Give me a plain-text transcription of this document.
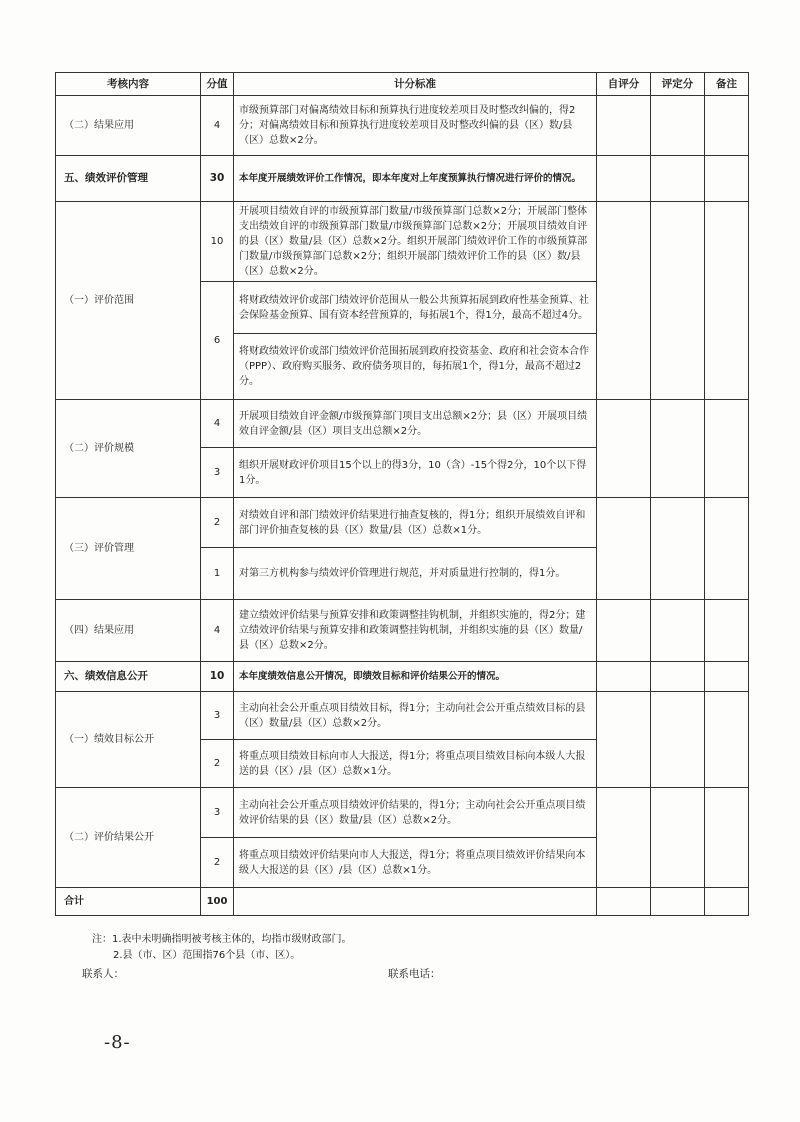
考核内容	分值	计分标准	自评分	评定分	备注
（二）结果应用	4	市级预算部门对偏离绩效目标和预算执行进度较差项目及时整改纠偏的，得2分；对偏离绩效目标和预算执行进度较差项目及时整改纠偏的县（区）数/县（区）总数×2分。			
五、绩效评价管理	30	本年度开展绩效评价工作情况，即本年度对上年度预算执行情况进行评价的情况。			
（一）评价范围	10	开展项目绩效自评的市级预算部门数量/市级预算部门总数×2分；开展部门整体支出绩效自评的市级预算部门数量/市级预算部门总数×2分；开展项目绩效自评的县（区）数量/县（区）总数×2分。组织开展部门绩效评价工作的市级预算部门数量/市级预算部门总数×2分；组织开展部门绩效评价工作的县（区）数/县（区）总数×2分。			
	6	将财政绩效评价或部门绩效评价范围从一般公共预算拓展到政府性基金预算、社会保险基金预算、国有资本经营预算的，每拓展1个，得1分，最高不超过4分。			
		将财政绩效评价或部门绩效评价范围拓展到政府投资基金、政府和社会资本合作（PPP）、政府购买服务、政府债务项目的，每拓展1个，得1分，最高不超过2分。			
（二）评价规模	4	开展项目绩效自评金额/市级预算部门项目支出总额×2分；县（区）开展项目绩效自评金额/县（区）项目支出总额×2分。			
	3	组织开展财政评价项目15个以上的得3分，10（含）-15个得2分，10个以下得1分。			
（三）评价管理	2	对绩效自评和部门绩效评价结果进行抽查复核的，得1分；组织开展绩效自评和部门评价抽查复核的县（区）数量/县（区）总数×1分。			
	1	对第三方机构参与绩效评价管理进行规范，并对质量进行控制的，得1分。			
（四）结果应用	4	建立绩效评价结果与预算安排和政策调整挂钩机制，并组织实施的，得2分；建立绩效评价结果与预算安排和政策调整挂钩机制，并组织实施的县（区）数量/县（区）总数×2分。			
六、绩效信息公开	10	本年度绩效信息公开情况，即绩效目标和评价结果公开的情况。			
（一）绩效目标公开	3	主动向社会公开重点项目绩效目标，得1分；主动向社会公开重点绩效目标的县（区）数量/县（区）总数×2分。			
	2	将重点项目绩效目标向市人大报送，得1分；将重点项目绩效目标向本级人大报送的县（区）/县（区）总数×1分。			
（二）评价结果公开	3	主动向社会公开重点项目绩效评价结果的，得1分；主动向社会公开重点项目绩效评价结果的县（区）数量/县（区）总数×2分。			
	2	将重点项目绩效评价结果向市人大报送，得1分；将重点项目绩效评价结果向本级人大报送的县（区）/县（区）总数×1分。			
合计	100				
注：1.表中未明确指明被考核主体的，均指市级财政部门。
2.县（市、区）范围指76个县（市、区）。
联系人：	联系电话：
-8-
